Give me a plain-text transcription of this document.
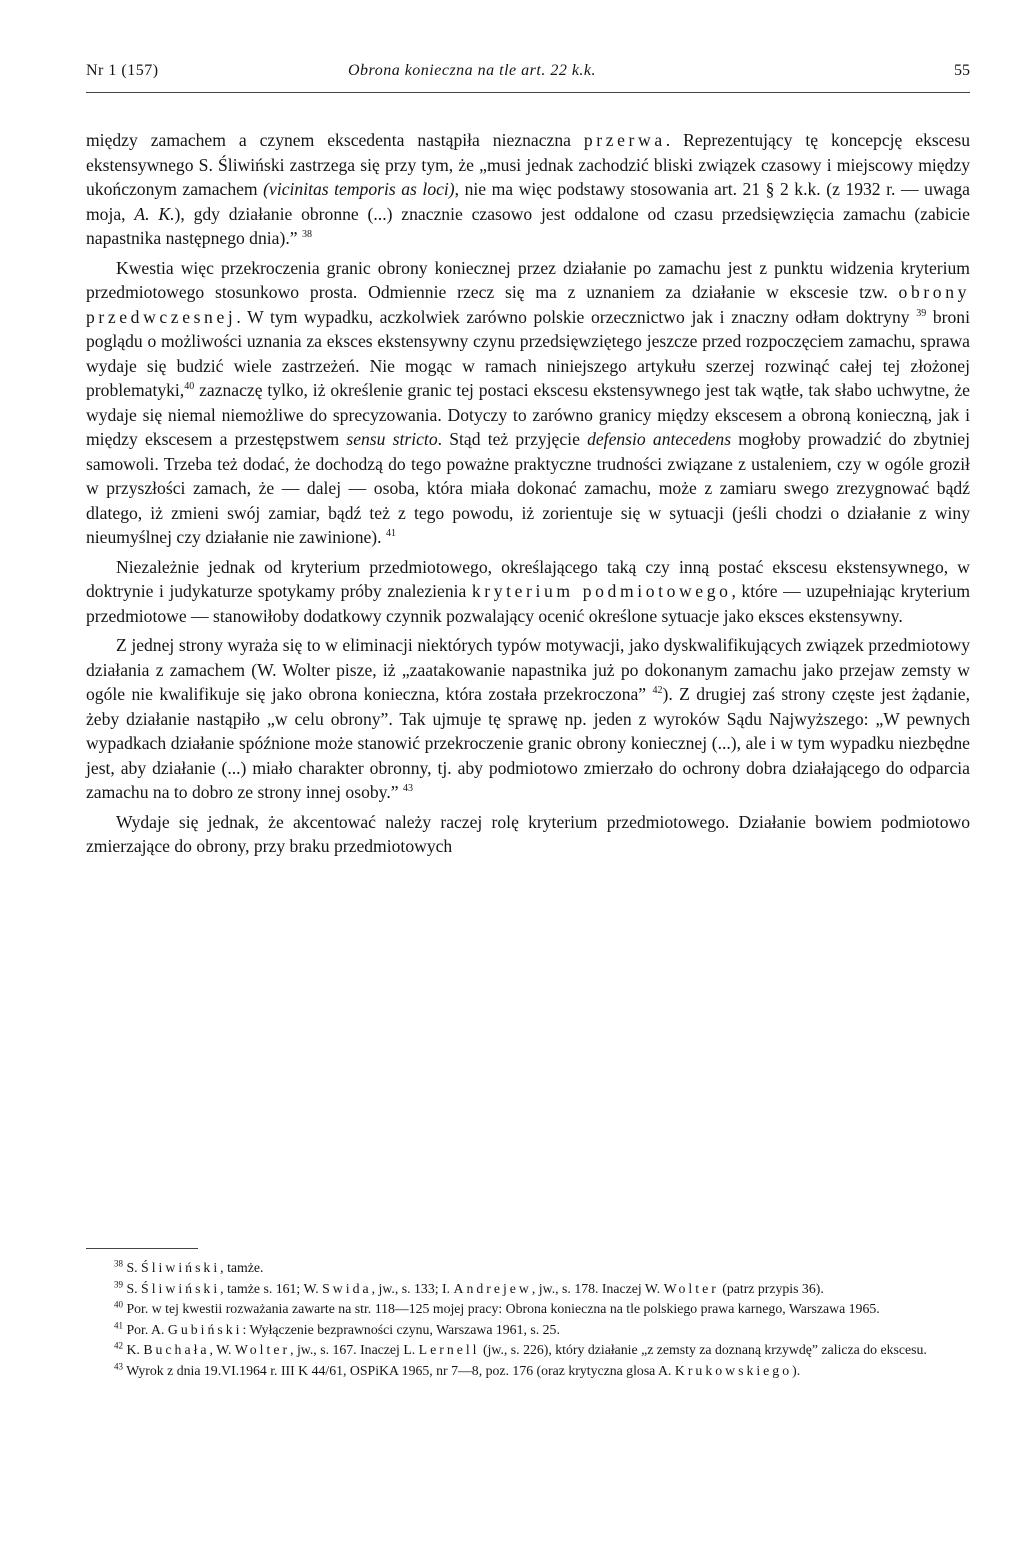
Nr 1 (157)	Obrona konieczna na tle art. 22 k.k.	55

między zamachem a czynem ekscedenta nastąpiła nieznaczna przerwa. Reprezentujący tę koncepcję ekscesu ekstensywnego S. Śliwiński zastrzega się przy tym, że „musi jednak zachodzić bliski związek czasowy i miejscowy między ukończonym zamachem (vicinitas temporis as loci), nie ma więc podstawy stosowania art. 21 § 2 k.k. (z 1932 r. — uwaga moja, A. K.), gdy działanie obronne (...) znacznie czasowo jest oddalone od czasu przedsięwzięcia zamachu (zabicie napastnika następnego dnia).” $^{38}$

Kwestia więc przekroczenia granic obrony koniecznej przez działanie po zamachu jest z punktu widzenia kryterium przedmiotowego stosunkowo prosta. Odmiennie rzecz się ma z uznaniem za działanie w ekscesie tzw. obrony przedwczesnej. W tym wypadku, aczkolwiek zarówno polskie orzecznictwo jak i znaczny odłam doktryny $^{39}$ broni poglądu o możliwości uznania za eksces ekstensywny czynu przedsięwziętego jeszcze przed rozpoczęciem zamachu, sprawa wydaje się budzić wiele zastrzeżeń. Nie mogąc w ramach niniejszego artykułu szerzej rozwinąć całej tej złożonej problematyki,$^{40}$ zaznaczę tylko, iż określenie granic tej postaci ekscesu ekstensywnego jest tak wątłe, tak słabo uchwytne, że wydaje się niemal niemożliwe do sprecyzowania. Dotyczy to zarówno granicy między ekscesem a obroną konieczną, jak i między ekscesem a przestępstwem sensu stricto. Stąd też przyjęcie defensio antecedens mogłoby prowadzić do zbytniej samowoli. Trzeba też dodać, że dochodzą do tego poważne praktyczne trudności związane z ustaleniem, czy w ogóle groził w przyszłości zamach, że — dalej — osoba, która miała dokonać zamachu, może z zamiaru swego zrezygnować bądź dlatego, iż zmieni swój zamiar, bądź też z tego powodu, iż zorientuje się w sytuacji (jeśli chodzi o działanie z winy nieumyślnej czy działanie nie zawinione). $^{41}$

Niezależnie jednak od kryterium przedmiotowego, określającego taką czy inną postać ekscesu ekstensywnego, w doktrynie i judykaturze spotykamy próby znalezienia kryterium podmiotowego, które — uzupełniając kryterium przedmiotowe — stanowiłoby dodatkowy czynnik pozwalający ocenić określone sytuacje jako eksces ekstensywny.

Z jednej strony wyraża się to w eliminacji niektórych typów motywacji, jako dyskwalifikujących związek przedmiotowy działania z zamachem (W. Wolter pisze, iż „zaatakowanie napastnika już po dokonanym zamachu jako przejaw zemsty w ogóle nie kwalifikuje się jako obrona konieczna, która została przekroczona” $^{42}$). Z drugiej zaś strony częste jest żądanie, żeby działanie nastąpiło „w celu obrony”. Tak ujmuje tę sprawę np. jeden z wyroków Sądu Najwyższego: „W pewnych wypadkach działanie spóźnione może stanowić przekroczenie granic obrony koniecznej (...), ale i w tym wypadku niezbędne jest, aby działanie (...) miało charakter obronny, tj. aby podmiotowo zmierzało do ochrony dobra działającego do odparcia zamachu na to dobro ze strony innej osoby.” $^{43}$

Wydaje się jednak, że akcentować należy raczej rolę kryterium przedmiotowego. Działanie bowiem podmiotowo zmierzające do obrony, przy braku przedmiotowych

$^{38}$ S. Śliwiński, tamże.

$^{39}$ S. Śliwiński, tamże s. 161; W. Swida, jw., s. 133; I. Andrejew, jw., s. 178. Inaczej W. Wolter (patrz przypis 36).

$^{40}$ Por. w tej kwestii rozważania zawarte na str. 118—125 mojej pracy: Obrona konieczna na tle polskiego prawa karnego, Warszawa 1965.

$^{41}$ Por. A. Gubiński: Wyłączenie bezprawności czynu, Warszawa 1961, s. 25.

$^{42}$ K. Buchała, W. Wolter, jw., s. 167. Inaczej L. Lernell (jw., s. 226), który działanie „z zemsty za doznaną krzywdę” zalicza do ekscesu.

$^{43}$ Wyrok z dnia 19.VI.1964 r. III K 44/61, OSPiKA 1965, nr 7—8, poz. 176 (oraz krytyczna glosa A. Krukowskiego).
